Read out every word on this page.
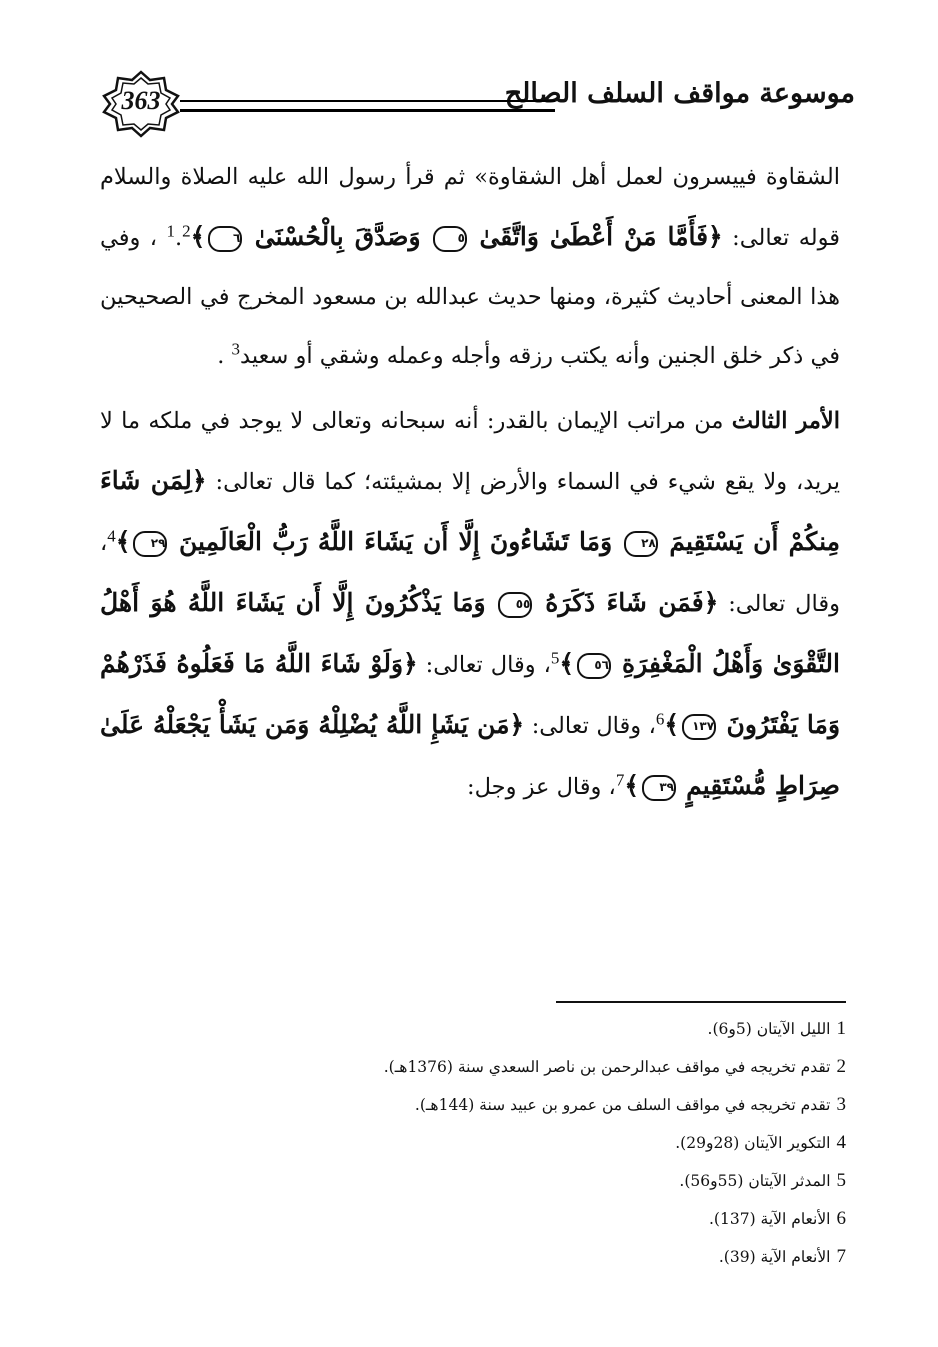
موسوعة مواقف السلف الصالح
363

الشقاوة فييسرون لعمل أهل الشقاوة» ثم قرأ رسول الله عليه الصلاة والسلام قوله تعالى: ﴿فَأَمَّا مَنْ أَعْطَىٰ وَاتَّقَىٰ ٥ وَصَدَّقَ بِالْحُسْنَىٰ ٦﴾$^1$.$^2$ ، وفي هذا المعنى أحاديث كثيرة، ومنها حديث عبدالله بن مسعود المخرج في الصحيحين في ذكر خلق الجنين وأنه يكتب رزقه وأجله وعمله وشقي أو سعيد$^3$ .

الأمر الثالث من مراتب الإيمان بالقدر: أنه سبحانه وتعالى لا يوجد في ملكه ما لا يريد، ولا يقع شيء في السماء والأرض إلا بمشيئته؛ كما قال تعالى: ﴿لِمَن شَاءَ مِنكُمْ أَن يَسْتَقِيمَ ٢٨ وَمَا تَشَاءُونَ إِلَّا أَن يَشَاءَ اللَّهُ رَبُّ الْعَالَمِينَ ٢٩﴾$^4$، وقال تعالى: ﴿فَمَن شَاءَ ذَكَرَهُ ٥٥ وَمَا يَذْكُرُونَ إِلَّا أَن يَشَاءَ اللَّهُ هُوَ أَهْلُ التَّقْوَىٰ وَأَهْلُ الْمَغْفِرَةِ ٥٦﴾$^5$، وقال تعالى: ﴿وَلَوْ شَاءَ اللَّهُ مَا فَعَلُوهُ فَذَرْهُمْ وَمَا يَفْتَرُونَ ١٣٧﴾$^6$، وقال تعالى: ﴿مَن يَشَإِ اللَّهُ يُضْلِلْهُ وَمَن يَشَأْ يَجْعَلْهُ عَلَىٰ صِرَاطٍ مُّسْتَقِيمٍ ٣٩﴾$^7$، وقال عز وجل:

1الليل الآيتان (5و6).
2تقدم تخريجه في مواقف عبدالرحمن بن ناصر السعدي سنة (1376هـ).
3تقدم تخريجه في مواقف السلف من عمرو بن عبيد سنة (144هـ).
4التكوير الآيتان (28و29).
5المدثر الآيتان (55و56).
6الأنعام الآية (137).
7الأنعام الآية (39).
